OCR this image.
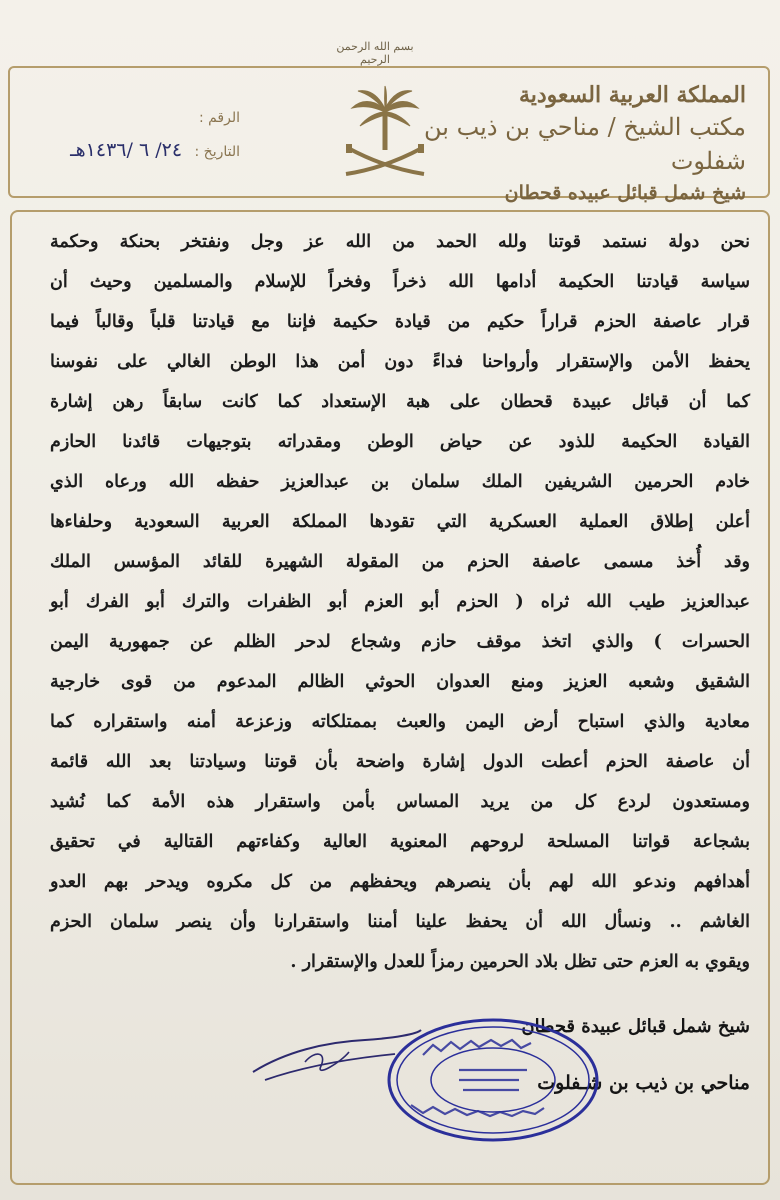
بسم الله الرحمن الرحيم
المملكة العربية السعودية
مكتب الشيخ / مناحي بن ذيب بن شفلوت
شيخ شمل قبائل عبيده قحطان
الرقم :
التاريخ : ٢٤/ ٦ /١٤٣٦هـ
نحن دولة نستمد قوتنا ولله الحمد من الله عز وجل ونفتخر بحنكة وحكمة
سياسة قيادتنا الحكيمة أدامها الله ذخراً وفخراً للإسلام والمسلمين وحيث أن
قرار عاصفة الحزم قراراً حكيم من قيادة حكيمة فإننا مع قيادتنا قلباً وقالباً فيما
يحفظ الأمن والإستقرار وأرواحنا فداءً دون أمن هذا الوطن الغالي على نفوسنا
كما أن قبائل عبيدة قحطان على هبة الإستعداد كما كانت سابقاً رهن إشارة
القيادة الحكيمة للذود عن حياض الوطن ومقدراته بتوجيهات قائدنا الحازم
خادم الحرمين الشريفين الملك سلمان بن عبدالعزيز حفظه الله ورعاه الذي
أعلن إطلاق العملية العسكرية التي تقودها المملكة العربية السعودية وحلفاءها
وقد أُخذ مسمى عاصفة الحزم من المقولة الشهيرة للقائد المؤسس الملك
عبدالعزيز طيب الله ثراه ( الحزم أبو العزم أبو الظفرات والترك أبو الفرك أبو
الحسرات ) والذي اتخذ موقف حازم وشجاع لدحر الظلم عن جمهورية اليمن
الشقيق وشعبه العزيز ومنع العدوان الحوثي الظالم المدعوم من قوى خارجية
معادية والذي استباح أرض اليمن والعبث بممتلكاته وزعزعة أمنه واستقراره كما
أن عاصفة الحزم أعطت الدول إشارة واضحة بأن قوتنا وسيادتنا بعد الله قائمة
ومستعدون لردع كل من يريد المساس بأمن واستقرار هذه الأمة كما نُشيد
بشجاعة قواتنا المسلحة لروحهم المعنوية العالية وكفاءتهم القتالية في تحقيق
أهدافهم وندعو الله لهم بأن ينصرهم ويحفظهم من كل مكروه ويدحر بهم العدو
الغاشم .. ونسأل الله أن يحفظ علينا أمننا واستقرارنا وأن ينصر سلمان الحزم
ويقوي به العزم حتى تظل بلاد الحرمين رمزاً للعدل والإستقرار .
شيخ شمل قبائل عبيدة قحطان
مناحي بن ذيب بن شـفلوت
